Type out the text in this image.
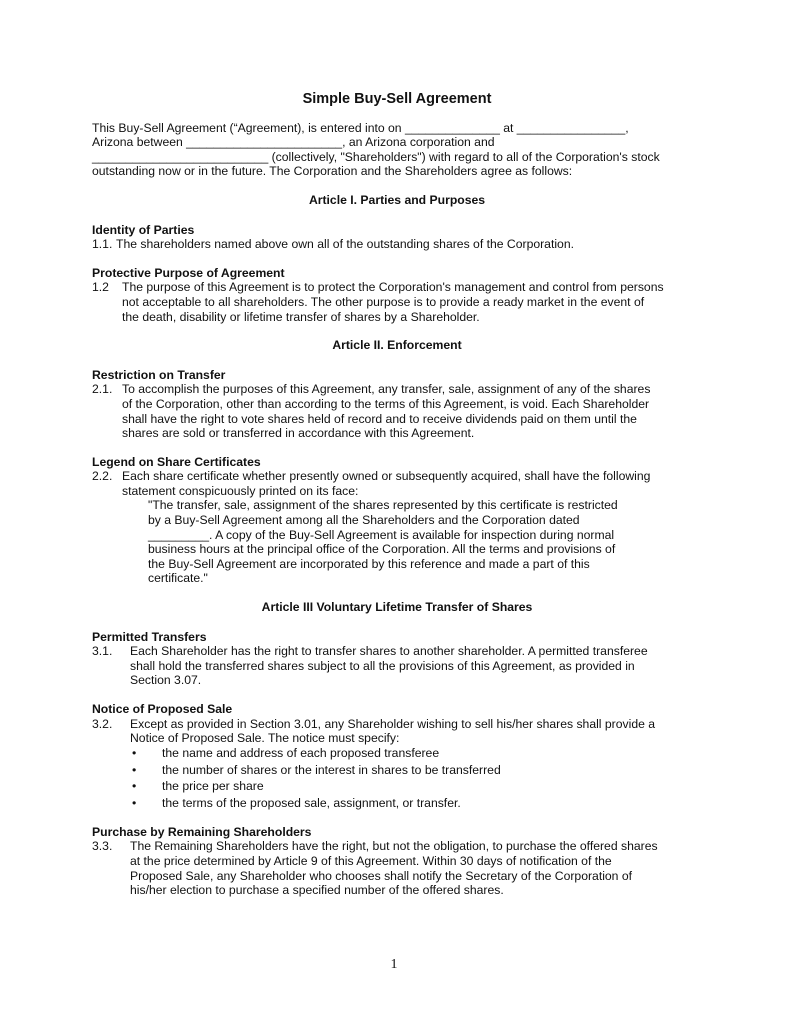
Simple Buy-Sell Agreement
This Buy-Sell Agreement (“Agreement), is entered into on ______________ at ________________,
Arizona between _______________________, an Arizona corporation and
__________________________ (collectively, "Shareholders") with regard to all of the Corporation's stock
outstanding now or in the future. The Corporation and the Shareholders agree as follows:
Article I. Parties and Purposes
Identity of Parties
1.1. The shareholders named above own all of the outstanding shares of the Corporation.
Protective Purpose of Agreement
1.2	The purpose of this Agreement is to protect the Corporation's management and control from persons
not acceptable to all shareholders. The other purpose is to provide a ready market in the event of
the death, disability or lifetime transfer of shares by a Shareholder.
Article II. Enforcement
Restriction on Transfer
2.1. To accomplish the purposes of this Agreement, any transfer, sale, assignment of any of the shares
of the Corporation, other than according to the terms of this Agreement, is void. Each Shareholder
shall have the right to vote shares held of record and to receive dividends paid on them until the
shares are sold or transferred in accordance with this Agreement.
Legend on Share Certificates
2.2. Each share certificate whether presently owned or subsequently acquired, shall have the following
statement conspicuously printed on its face:
"The transfer, sale, assignment of the shares represented by this certificate is restricted
by a Buy-Sell Agreement among all the Shareholders and the Corporation dated
_________. A copy of the Buy-Sell Agreement is available for inspection during normal
business hours at the principal office of the Corporation. All the terms and provisions of
the Buy-Sell Agreement are incorporated by this reference and made a part of this
certificate."
Article III Voluntary Lifetime Transfer of Shares
Permitted Transfers
3.1.	Each Shareholder has the right to transfer shares to another shareholder. A permitted transferee
shall hold the transferred shares subject to all the provisions of this Agreement, as provided in
Section 3.07.
Notice of Proposed Sale
3.2.	Except as provided in Section 3.01, any Shareholder wishing to sell his/her shares shall provide a
Notice of Proposed Sale. The notice must specify:
•	the name and address of each proposed transferee
•	the number of shares or the interest in shares to be transferred
•	the price per share
•	the terms of the proposed sale, assignment, or transfer.
Purchase by Remaining Shareholders
3.3.	The Remaining Shareholders have the right, but not the obligation, to purchase the offered shares
at the price determined by Article 9 of this Agreement. Within 30 days of notification of the
Proposed Sale, any Shareholder who chooses shall notify the Secretary of the Corporation of
his/her election to purchase a specified number of the offered shares.
1
